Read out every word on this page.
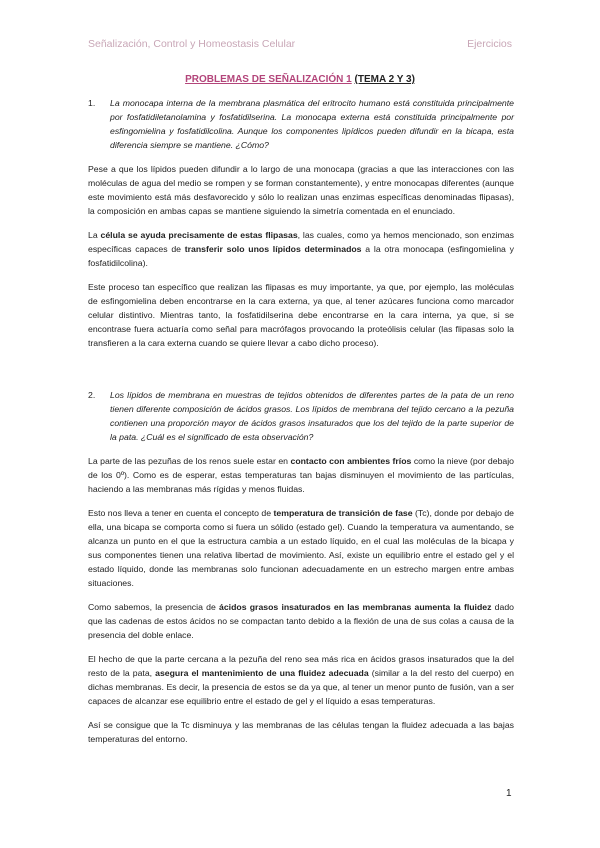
Señalización, Control y Homeostasis Celular	Ejercicios
PROBLEMAS DE SEÑALIZACIÓN 1 (TEMA 2 Y 3)
1.	La monocapa interna de la membrana plasmática del eritrocito humano está constituida principalmente por fosfatidiletanolamina y fosfatidilserina. La monocapa externa está constituida principalmente por esfingomielina y fosfatidilcolina. Aunque los componentes lipídicos pueden difundir en la bicapa, esta diferencia siempre se mantiene. ¿Cómo?

Pese a que los lípidos pueden difundir a lo largo de una monocapa (gracias a que las interacciones con las moléculas de agua del medio se rompen y se forman constantemente), y entre monocapas diferentes (aunque este movimiento está más desfavorecido y sólo lo realizan unas enzimas específicas denominadas flipasas), la composición en ambas capas se mantiene siguiendo la simetría comentada en el enunciado.

La célula se ayuda precisamente de estas flipasas, las cuales, como ya hemos mencionado, son enzimas específicas capaces de transferir solo unos lípidos determinados a la otra monocapa (esfingomielina y fosfatidilcolina).

Este proceso tan específico que realizan las flipasas es muy importante, ya que, por ejemplo, las moléculas de esfingomielina deben encontrarse en la cara externa, ya que, al tener azúcares funciona como marcador celular distintivo. Mientras tanto, la fosfatidilserina debe encontrarse en la cara interna, ya que, si se encontrase fuera actuaría como señal para macrófagos provocando la proteólisis celular (las flipasas solo la transfieren a la cara externa cuando se quiere llevar a cabo dicho proceso).

2.	Los lípidos de membrana en muestras de tejidos obtenidos de diferentes partes de la pata de un reno tienen diferente composición de ácidos grasos. Los lípidos de membrana del tejido cercano a la pezuña contienen una proporción mayor de ácidos grasos insaturados que los del tejido de la parte superior de la pata. ¿Cuál es el significado de esta observación?

La parte de las pezuñas de los renos suele estar en contacto con ambientes fríos como la nieve (por debajo de los 0º). Como es de esperar, estas temperaturas tan bajas disminuyen el movimiento de las partículas, haciendo a las membranas más rígidas y menos fluidas.

Esto nos lleva a tener en cuenta el concepto de temperatura de transición de fase (Tc), donde por debajo de ella, una bicapa se comporta como si fuera un sólido (estado gel). Cuando la temperatura va aumentando, se alcanza un punto en el que la estructura cambia a un estado líquido, en el cual las moléculas de la bicapa y sus componentes tienen una relativa libertad de movimiento. Así, existe un equilibrio entre el estado gel y el estado líquido, donde las membranas solo funcionan adecuadamente en un estrecho margen entre ambas situaciones.

Como sabemos, la presencia de ácidos grasos insaturados en las membranas aumenta la fluidez dado que las cadenas de estos ácidos no se compactan tanto debido a la flexión de una de sus colas a causa de la presencia del doble enlace.

El hecho de que la parte cercana a la pezuña del reno sea más rica en ácidos grasos insaturados que la del resto de la pata, asegura el mantenimiento de una fluidez adecuada (similar a la del resto del cuerpo) en dichas membranas. Es decir, la presencia de estos se da ya que, al tener un menor punto de fusión, van a ser capaces de alcanzar ese equilibrio entre el estado de gel y el líquido a esas temperaturas.

Así se consigue que la Tc disminuya y las membranas de las células tengan la fluidez adecuada a las bajas temperaturas del entorno.

1
